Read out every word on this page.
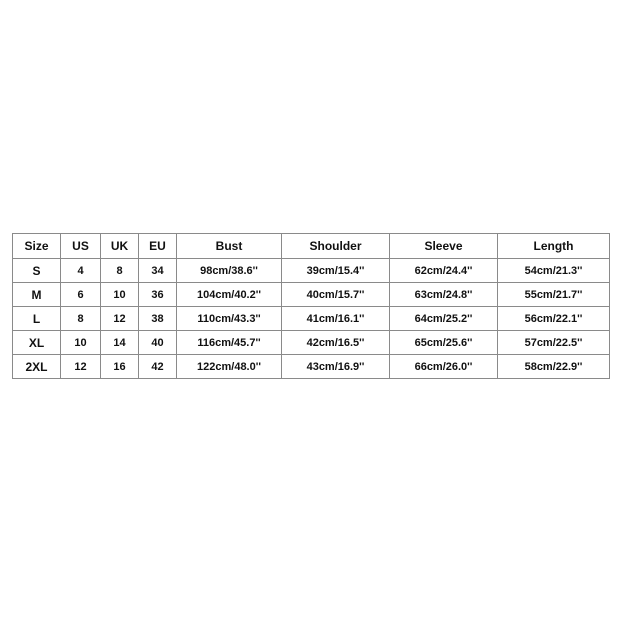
Size	US	UK	EU	Bust	Shoulder	Sleeve	Length
S	4	8	34	98cm/38.6''	39cm/15.4''	62cm/24.4''	54cm/21.3''
M	6	10	36	104cm/40.2''	40cm/15.7''	63cm/24.8''	55cm/21.7''
L	8	12	38	110cm/43.3''	41cm/16.1''	64cm/25.2''	56cm/22.1''
XL	10	14	40	116cm/45.7''	42cm/16.5''	65cm/25.6''	57cm/22.5''
2XL	12	16	42	122cm/48.0''	43cm/16.9''	66cm/26.0''	58cm/22.9''
